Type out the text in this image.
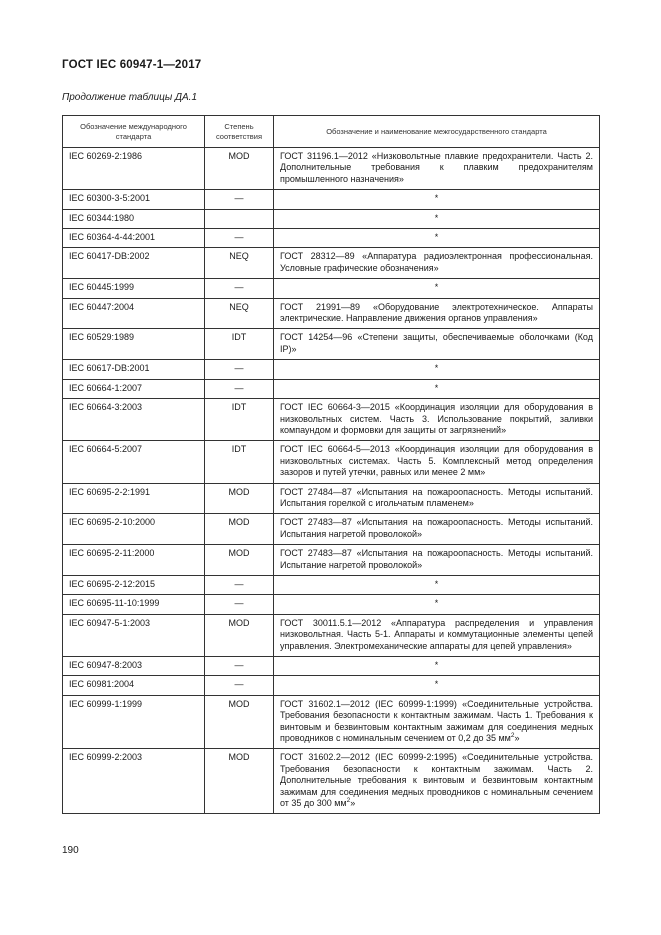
ГОСТ IEC 60947-1—2017
Продолжение таблицы ДА.1
Обозначение международного стандарта	Степень соответствия	Обозначение и наименование межгосударственного стандарта
IEC 60269-2:1986	MOD	ГОСТ 31196.1—2012 «Низковольтные плавкие предохранители. Часть 2. Дополнительные требования к плавким предохранителям промышленного назначения»
IEC 60300-3-5:2001	—	*
IEC 60344:1980		*
IEC 60364-4-44:2001	—	*
IEC 60417-DB:2002	NEQ	ГОСТ 28312—89 «Аппаратура радиоэлектронная профессиональная. Условные графические обозначения»
IEC 60445:1999	—	*
IEC 60447:2004	NEQ	ГОСТ 21991—89 «Оборудование электротехническое. Аппараты электрические. Направление движения органов управления»
IEC 60529:1989	IDT	ГОСТ 14254—96 «Степени защиты, обеспечиваемые оболочками (Код IP)»
IEC 60617-DB:2001	—	*
IEC 60664-1:2007	—	*
IEC 60664-3:2003	IDT	ГОСТ IEC 60664-3—2015 «Координация изоляции для оборудования в низковольтных систем. Часть 3. Использование покрытий, заливки компаундом и формовки для защиты от загрязнений»
IEC 60664-5:2007	IDT	ГОСТ IEC 60664-5—2013 «Координация изоляции для оборудования в низковольтных системах. Часть 5. Комплексный метод определения зазоров и путей утечки, равных или менее 2 мм»
IEC 60695-2-2:1991	MOD	ГОСТ 27484—87 «Испытания на пожароопасность. Методы испытаний. Испытания горелкой с игольчатым пламенем»
IEC 60695-2-10:2000	MOD	ГОСТ 27483—87 «Испытания на пожароопасность. Методы испытаний. Испытания нагретой проволокой»
IEC 60695-2-11:2000	MOD	ГОСТ 27483—87 «Испытания на пожароопасность. Методы испытаний. Испытание нагретой проволокой»
IEC 60695-2-12:2015	—	*
IEC 60695-11-10:1999	—	*
IEC 60947-5-1:2003	MOD	ГОСТ 30011.5.1—2012 «Аппаратура распределения и управления низковольтная. Часть 5-1. Аппараты и коммутационные элементы цепей управления. Электромеханические аппараты для цепей управления»
IEC 60947-8:2003	—	*
IEC 60981:2004	—	*
IEC 60999-1:1999	MOD	ГОСТ 31602.1—2012 (IEC 60999-1:1999) «Соединительные устройства. Требования безопасности к контактным зажимам. Часть 1. Требования к винтовым и безвинтовым контактным зажимам для соединения медных проводников с номинальным сечением от 0,2 до 35 $мм^2$»
IEC 60999-2:2003	MOD	ГОСТ 31602.2—2012 (IEC 60999-2:1995) «Соединительные устройства. Требования безопасности к контактным зажимам. Часть 2. Дополнительные требования к винтовым и безвинтовым контактным зажимам для соединения медных проводников с номинальным сечением от 35 до 300 $мм^2$»
190
